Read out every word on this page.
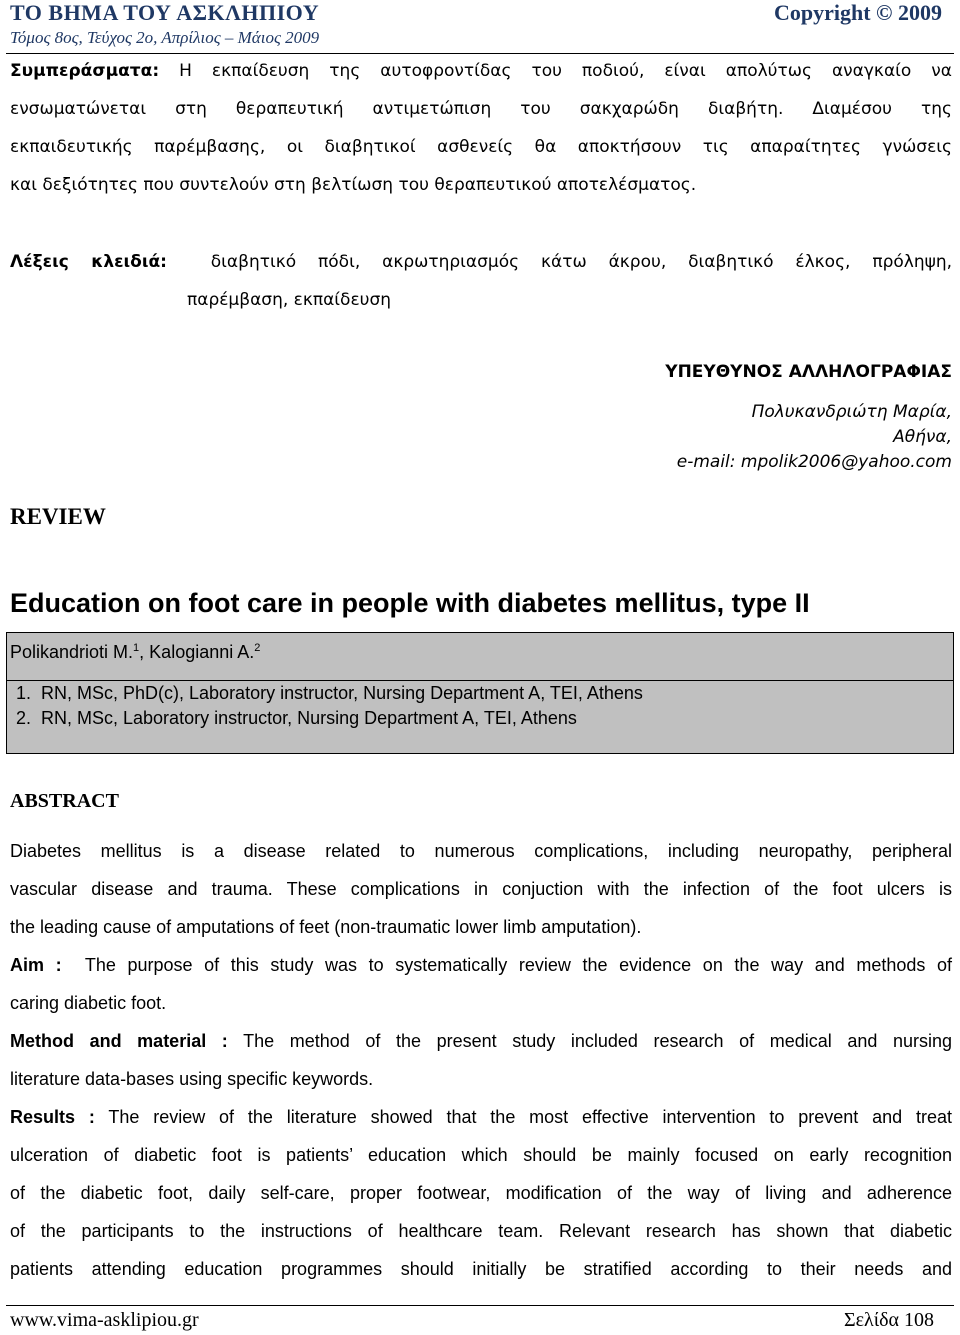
ΤΟ ΒΗΜΑ ΤΟΥ ΑΣΚΛΗΠΙΟΥ	Copyright © 2009
Τόμος 8ος, Τεύχος 2ο, Απρίλιος – Μάιος 2009
Συμπεράσματα: Η εκπαίδευση της αυτοφροντίδας του ποδιού, είναι απολύτως αναγκαίο να
ενσωματώνεται στη θεραπευτική αντιμετώπιση του σακχαρώδη διαβήτη. Διαμέσου της
εκπαιδευτικής παρέμβασης, οι διαβητικοί ασθενείς θα αποκτήσουν τις απαραίτητες γνώσεις
και δεξιότητες που συντελούν στη βελτίωση του θεραπευτικού αποτελέσματος.
Λέξεις κλειδιά:	διαβητικό πόδι, ακρωτηριασμός κάτω άκρου, διαβητικό έλκος, πρόληψη,
παρέμβαση, εκπαίδευση
ΥΠΕΥΘΥΝΟΣ ΑΛΛΗΛΟΓΡΑΦΙΑΣ
Πολυκανδριώτη Μαρία,
Αθήνα,
e-mail: mpolik2006@yahoo.com
REVIEW
Education on foot care in people with diabetes mellitus, type II
Polikandrioti M.$^1$, Kalogianni A.$^2$
1.  RN, MSc, PhD(c), Laboratory instructor, Nursing Department A, TEI, Athens
2.  RN, MSc, Laboratory instructor, Nursing Department A, TEI, Athens
ABSTRACT
Diabetes mellitus is a disease related to numerous complications, including neuropathy, peripheral
vascular disease and trauma. These complications in conjuction with the infection of the foot ulcers is
the leading cause of amputations of feet (non-traumatic lower limb amputation).
Aim : The purpose of this study was to systematically review the evidence on the way and methods of
caring diabetic foot.
Method and material : The method of the present study included research of medical and nursing
literature data-bases using specific keywords.
Results : The review of the literature showed that the most effective intervention to prevent and treat
ulceration of diabetic foot is patients’ education which should be mainly focused on early recognition
of the diabetic foot, daily self-care, proper footwear, modification of the way of living and adherence
of the participants to the instructions of healthcare team. Relevant research has shown that diabetic
patients attending education programmes should initially be stratified according to their needs and
www.vima-asklipiou.gr	Σελίδα 108
